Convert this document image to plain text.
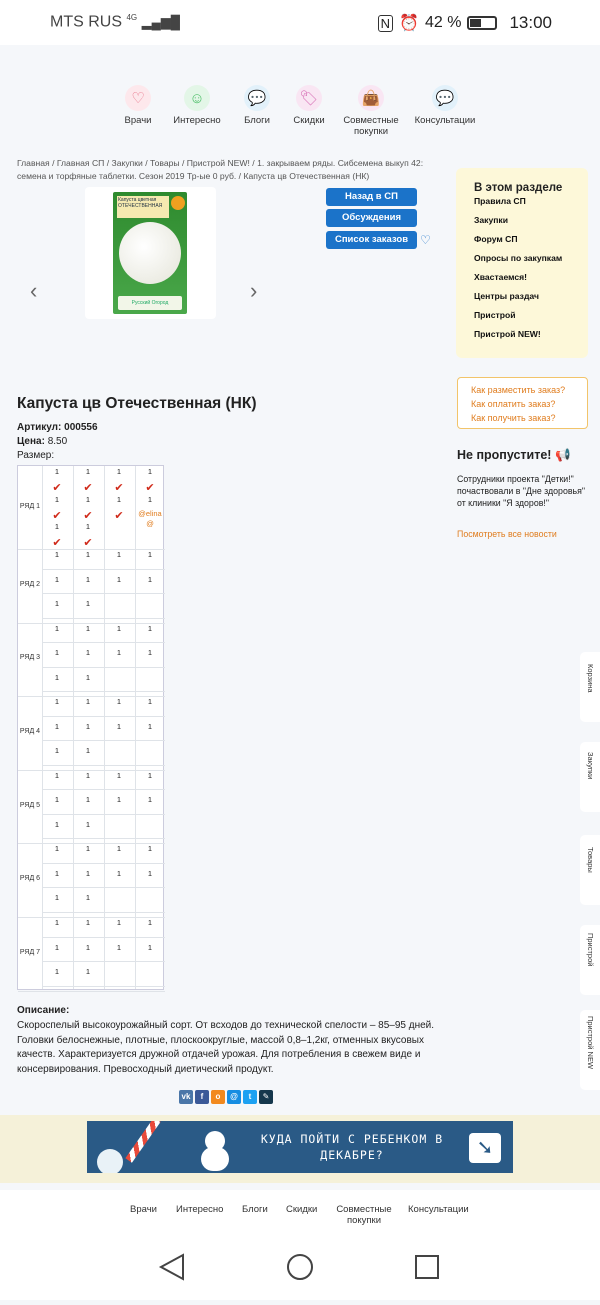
MTS RUS $^{4G}$ ▂▄▆█	N ⏰ 42 %	13:00
♡
Врачи
☺
Интересно
💬
Блоги
🏷
Скидки
👜
Совместные покупки
💬
Консультации
Главная / Главная СП / Закупки / Товары / Пристрой NEW! / 1. закрываем ряды. Сибсемена выкуп 42: семена и торфяные таблетки. Сезон 2019 Тр-ые 0 руб. / Капуста цв Отечественная (НК)
‹
Капуста цветная ОТЕЧЕСТВЕННАЯ
Русский Огород	›
Назад в СП
Обсуждения
Список заказов ♡
В этом разделе
Правила СП
Закупки
Форум СП
Опросы по закупкам
Хвастаемся!
Центры раздач
Пристрой
Пристрой NEW!
Как разместить заказ?
Как оплатить заказ?
Как получить заказ?
Капуста цв Отечественная (НК)
Артикул: 000556
Цена: 8.50
Размер:
РЯД 1
1	1	1	1
✔	✔	✔	✔
1	1	1	1
✔	✔	✔	@elina @
1	1
✔	✔
РЯД 2
1	1	1	1
1	1	1	1
1	1
РЯД 3
1	1	1	1
1	1	1	1
1	1
РЯД 4
1	1	1	1
1	1	1	1
1	1
РЯД 5
1	1	1	1
1	1	1	1
1	1
РЯД 6
1	1	1	1
1	1	1	1
1	1
РЯД 7
1	1	1	1
1	1	1	1
1	1
Не пропустите! 📢
Сотрудники проекта "Детки!" почаствовали в "Дне здоровья" от клиники "Я здоров!"
Посмотреть все новости
Корзина
Закупки
Товары
Пристрой
Пристрой NEW
Описание:
Скороспелый высокоурожайный сорт. От всходов до технической спелости – 85–95 дней. Головки белоснежные, плотные, плоскоокруглые, массой 0,8–1,2кг, отменных вкусовых качеств. Характеризуется дружной отдачей урожая. Для потребления в свежем виде и консервирования. Превосходный диетический продукт.
vk	f	о	@	t	✎
КУДА ПОЙТИ С РЕБЕНКОМ В ДЕКАБРЕ?	➘
Врачи Интересно Блоги Скидки Совместные покупки
Консультации
